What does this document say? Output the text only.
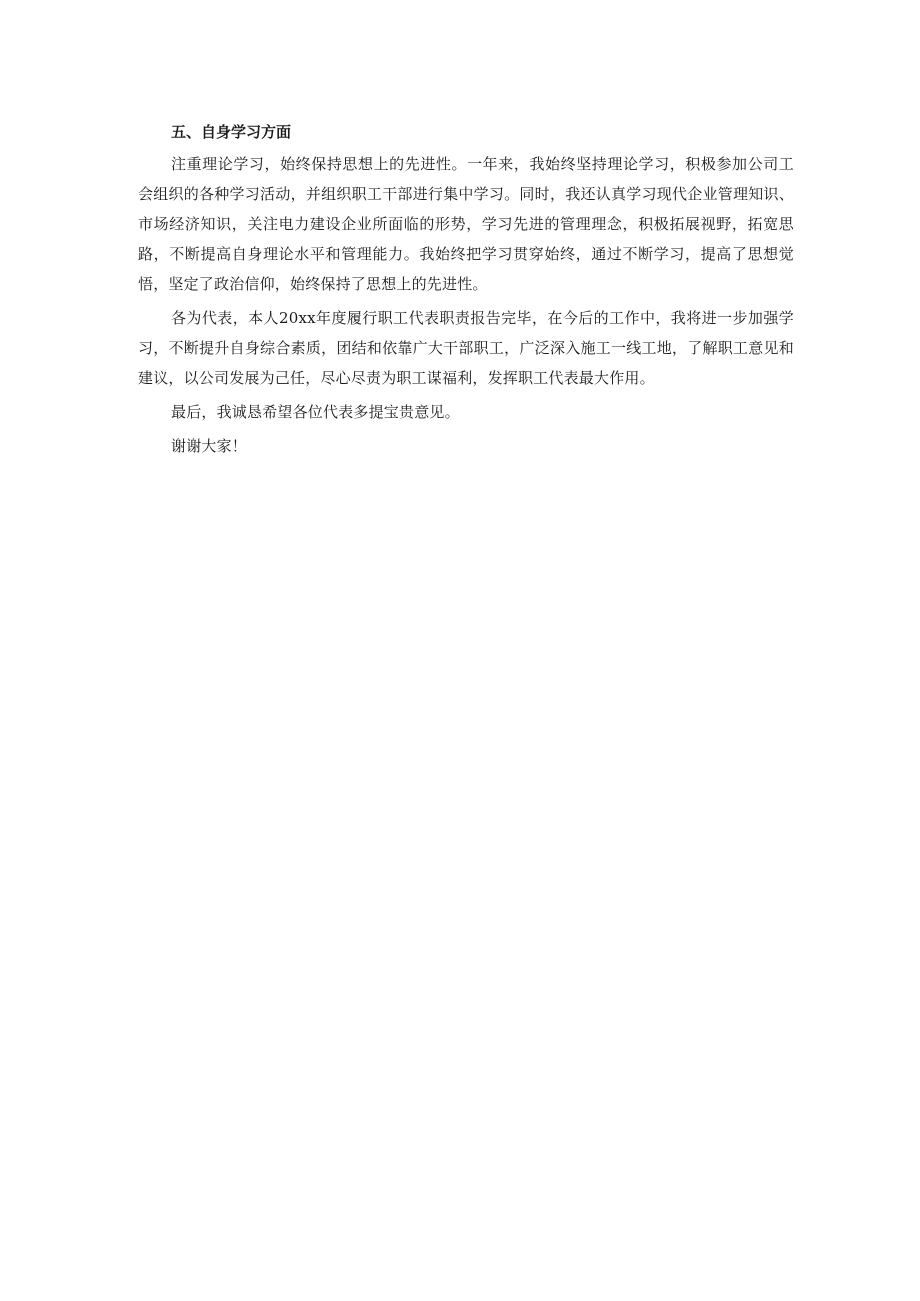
五、自身学习方面

注重理论学习，始终保持思想上的先进性。一年来，我始终坚持理论学习，积极参加公司工会组织的各种学习活动，并组织职工干部进行集中学习。同时，我还认真学习现代企业管理知识、市场经济知识，关注电力建设企业所面临的形势，学习先进的管理理念，积极拓展视野，拓宽思路，不断提高自身理论水平和管理能力。我始终把学习贯穿始终，通过不断学习，提高了思想觉悟，坚定了政治信仰，始终保持了思想上的先进性。

各为代表，本人20xx年度履行职工代表职责报告完毕，在今后的工作中，我将进一步加强学习，不断提升自身综合素质，团结和依靠广大干部职工，广泛深入施工一线工地，了解职工意见和建议，以公司发展为己任，尽心尽责为职工谋福利，发挥职工代表最大作用。

最后，我诚恳希望各位代表多提宝贵意见。

谢谢大家！
